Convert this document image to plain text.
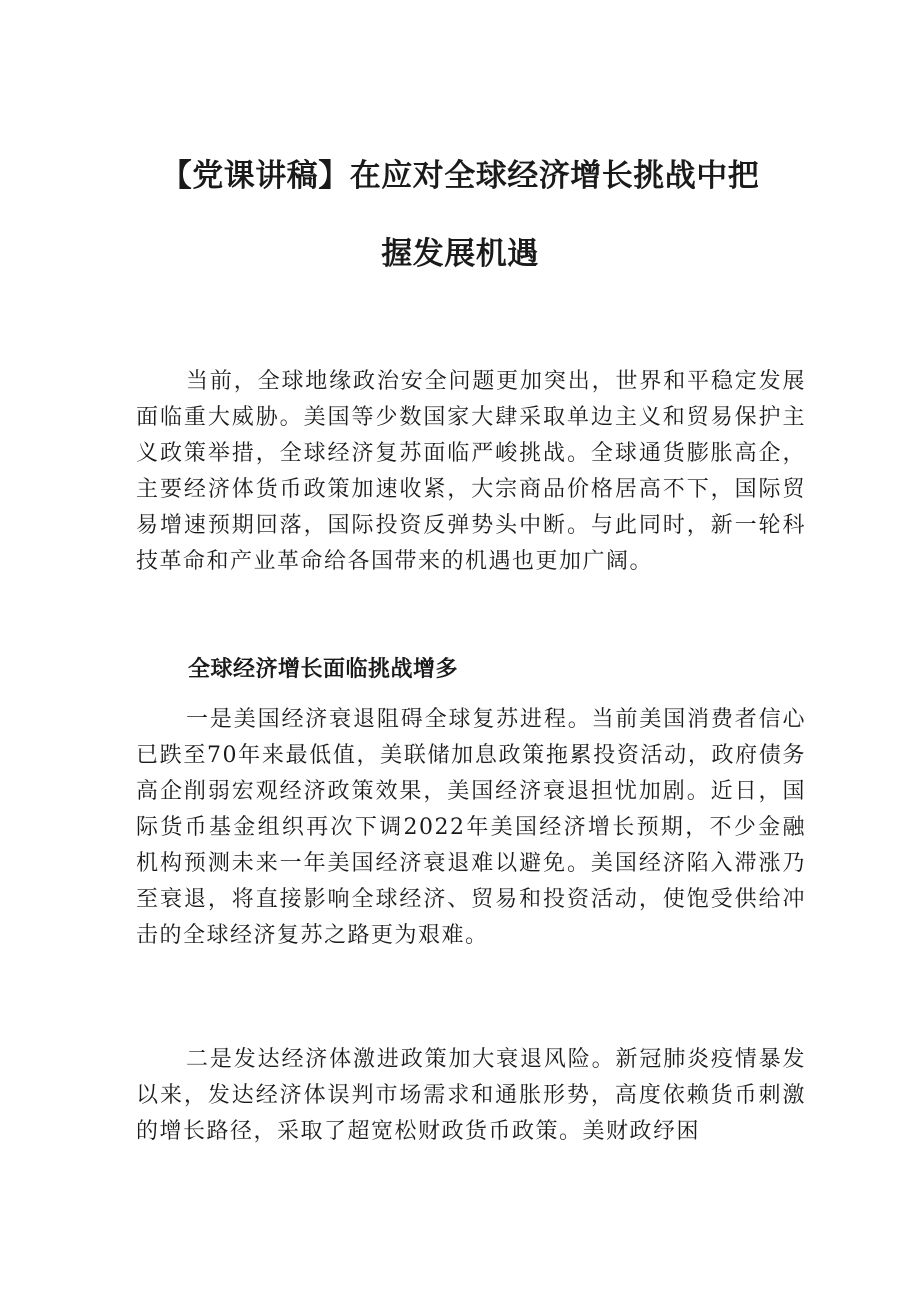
【党课讲稿】在应对全球经济增长挑战中把
握发展机遇

当前，全球地缘政治安全问题更加突出，世界和平稳定发展面临重大威胁。美国等少数国家大肆采取单边主义和贸易保护主义政策举措，全球经济复苏面临严峻挑战。全球通货膨胀高企，主要经济体货币政策加速收紧，大宗商品价格居高不下，国际贸易增速预期回落，国际投资反弹势头中断。与此同时，新一轮科技革命和产业革命给各国带来的机遇也更加广阔。

全球经济增长面临挑战增多

一是美国经济衰退阻碍全球复苏进程。当前美国消费者信心已跌至70年来最低值，美联储加息政策拖累投资活动，政府债务高企削弱宏观经济政策效果，美国经济衰退担忧加剧。近日，国际货币基金组织再次下调2022年美国经济增长预期，不少金融机构预测未来一年美国经济衰退难以避免。美国经济陷入滞涨乃至衰退，将直接影响全球经济、贸易和投资活动，使饱受供给冲击的全球经济复苏之路更为艰难。

二是发达经济体激进政策加大衰退风险。新冠肺炎疫情暴发以来，发达经济体误判市场需求和通胀形势，高度依赖货币刺激的增长路径，采取了超宽松财政货币政策。美财政纾困
